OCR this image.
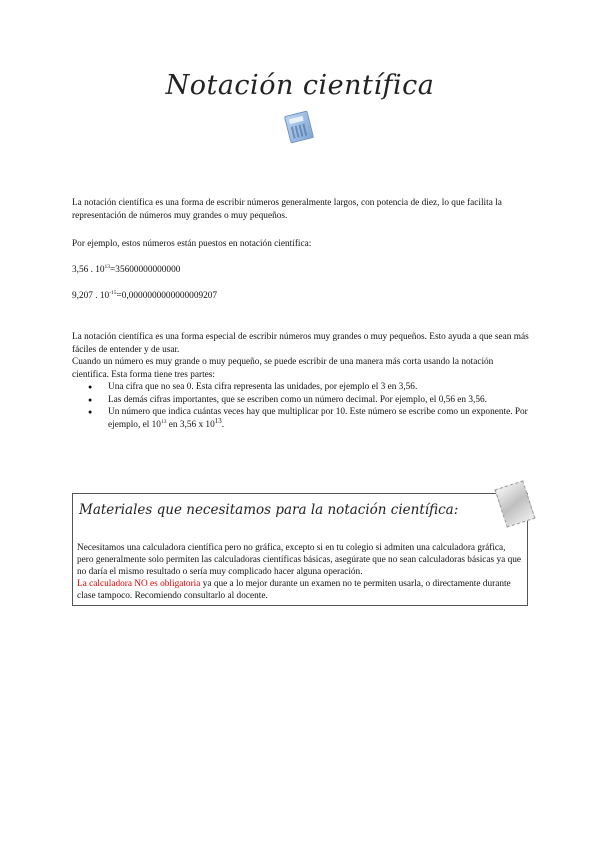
Notación científica
La notación científica es una forma de escribir números generalmente largos, con potencia de diez, lo que facilita la representación de números muy grandes o muy pequeños.
Por ejemplo, estos números están puestos en notación científica:
3,56 . $10^{13}=35600000000000$
9,207 . $10^{-15}=0,0000000000000009207$

La notación científica es una forma especial de escribir números muy grandes o muy pequeños. Esto ayuda a que sean más fáciles de entender y de usar.

Cuando un número es muy grande o muy pequeño, se puede escribir de una manera más corta usando la notación científica. Esta forma tiene tres partes:

● Una cifra que no sea 0. Esta cifra representa las unidades, por ejemplo el 3 en 3,56.
● Las demás cifras importantes, que se escriben como un número decimal. Por ejemplo, el 0,56 en 3,56.
● Un número que indica cuántas veces hay que multiplicar por 10. Este número se escribe como un exponente. Por ejemplo, el $10^{13}$ en 3,56 x $10^{13}$.
Materiales que necesitamos para la notación científica:
Necesitamos una calculadora científica pero no gráfica, excepto si en tu colegio si admiten una calculadora gráfica, pero generalmente solo permiten las calculadoras científicas básicas, asegúrate que no sean calculadoras básicas ya que no daría el mismo resultado o sería muy complicado hacer alguna operación.
La calculadora NO es obligatoria ya que a lo mejor durante un examen no te permiten usarla, o directamente durante clase tampoco. Recomiendo consultarlo al docente.
